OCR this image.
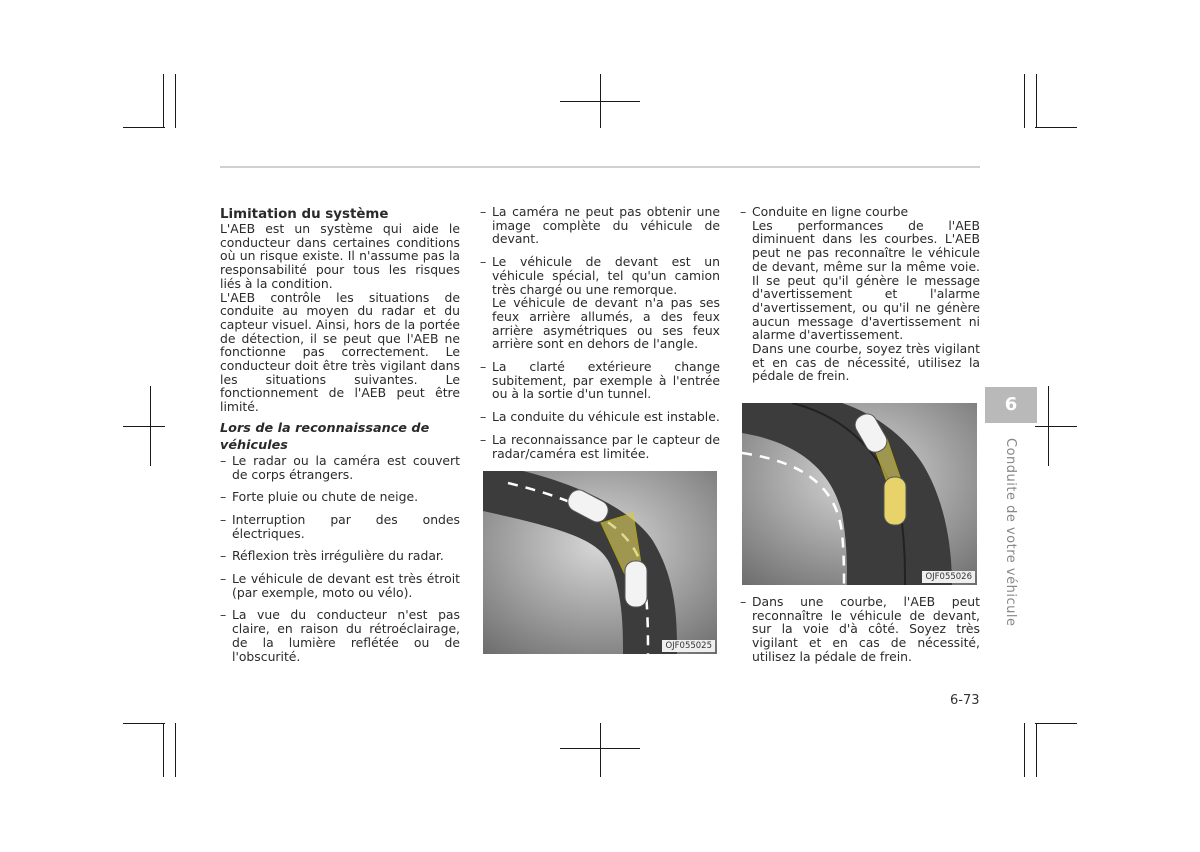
Limitation du système

L'AEB est un système qui aide le conducteur dans certaines conditions où un risque existe. Il n'assume pas la responsabilité pour tous les risques liés à la condition.

L'AEB contrôle les situations de conduite au moyen du radar et du capteur visuel. Ainsi, hors de la portée de détection, il se peut que l'AEB ne fonctionne pas correctement. Le conducteur doit être très vigilant dans les situations suivantes. Le fonctionnement de l'AEB peut être limité.

Lors de la reconnaissance de véhicules
– Le radar ou la caméra est couvert de corps étrangers.
– Forte pluie ou chute de neige.
– Interruption par des ondes électriques.
– Réflexion très irrégulière du radar.
– Le véhicule de devant est très étroit (par exemple, moto ou vélo).
– La vue du conducteur n'est pas claire, en raison du rétroéclairage, de la lumière reflétée ou de l'obscurité.
– La caméra ne peut pas obtenir une image complète du véhicule de devant.
– Le véhicule de devant est un véhicule spécial, tel qu'un camion très chargé ou une remorque.
Le véhicule de devant n'a pas ses feux arrière allumés, a des feux arrière asymétriques ou ses feux arrière sont en dehors de l'angle.
– La clarté extérieure change subitement, par exemple à l'entrée ou à la sortie d'un tunnel.
– La conduite du véhicule est instable.
– La reconnaissance par le capteur de radar/caméra est limitée.
OJF055025
– Conduite en ligne courbe

Les performances de l'AEB diminuent dans les courbes. L'AEB peut ne pas reconnaître le véhicule de devant, même sur la même voie. Il se peut qu'il génère le message d'avertissement et l'alarme d'avertissement, ou qu'il ne génère aucun message d'avertissement ni alarme d'avertissement.

Dans une courbe, soyez très vigilant et en cas de nécessité, utilisez la pédale de frein.

OJF055026
– Dans une courbe, l'AEB peut reconnaître le véhicule de devant, sur la voie d'à côté. Soyez très vigilant et en cas de nécessité, utilisez la pédale de frein.
6
Conduite de votre véhicule
6-73
